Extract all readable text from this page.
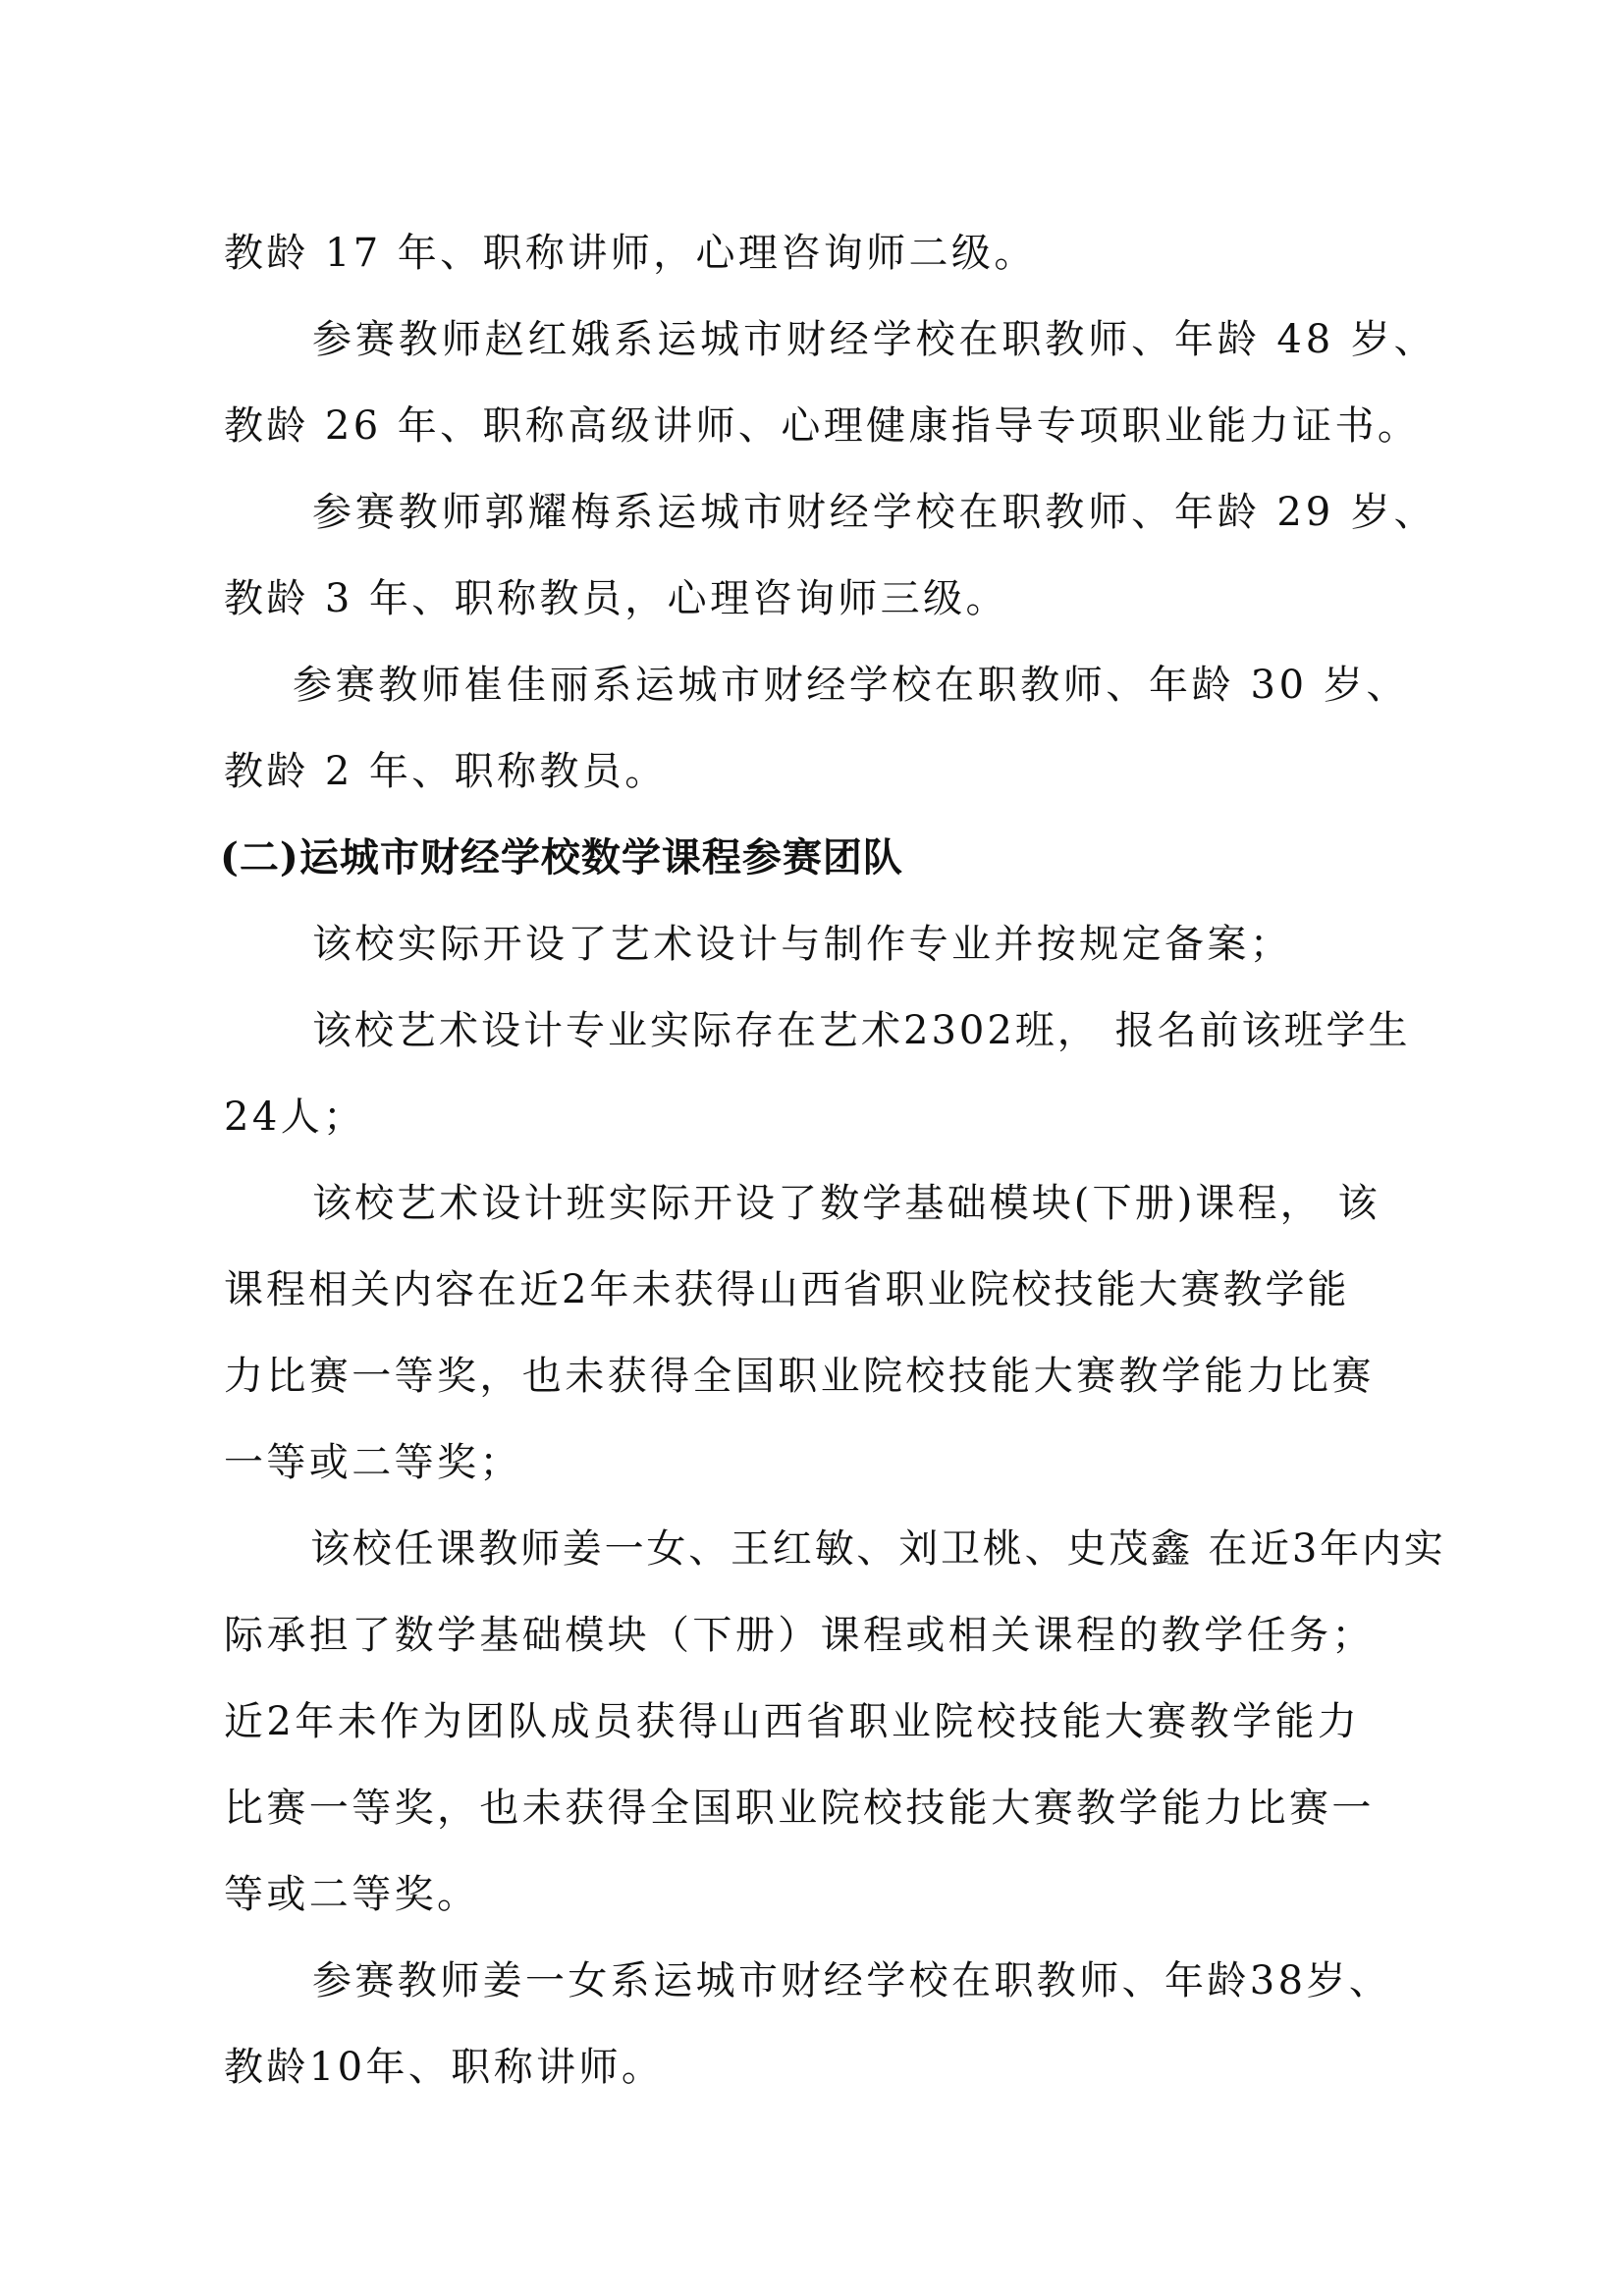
教龄 17 年、职称讲师，心理咨询师二级。
参赛教师赵红娥系运城市财经学校在职教师、年龄 48 岁、
教龄 26 年、职称高级讲师、心理健康指导专项职业能力证书。
参赛教师郭耀梅系运城市财经学校在职教师、年龄 29 岁、
教龄 3 年、职称教员，心理咨询师三级。
参赛教师崔佳丽系运城市财经学校在职教师、年龄 30 岁、
教龄 2 年、职称教员。
(二)运城市财经学校数学课程参赛团队
该校实际开设了艺术设计与制作专业并按规定备案；
该校艺术设计专业实际存在艺术2302班， 报名前该班学生
24人；
该校艺术设计班实际开设了数学基础模块(下册)课程， 该
课程相关内容在近2年未获得山西省职业院校技能大赛教学能
力比赛一等奖，也未获得全国职业院校技能大赛教学能力比赛
一等或二等奖；
该校任课教师姜一女、王红敏、刘卫桃、史茂鑫 在近3年内实
际承担了数学基础模块（下册）课程或相关课程的教学任务；
近2年未作为团队成员获得山西省职业院校技能大赛教学能力
比赛一等奖，也未获得全国职业院校技能大赛教学能力比赛一
等或二等奖。
参赛教师姜一女系运城市财经学校在职教师、年龄38岁、
教龄10年、职称讲师。
